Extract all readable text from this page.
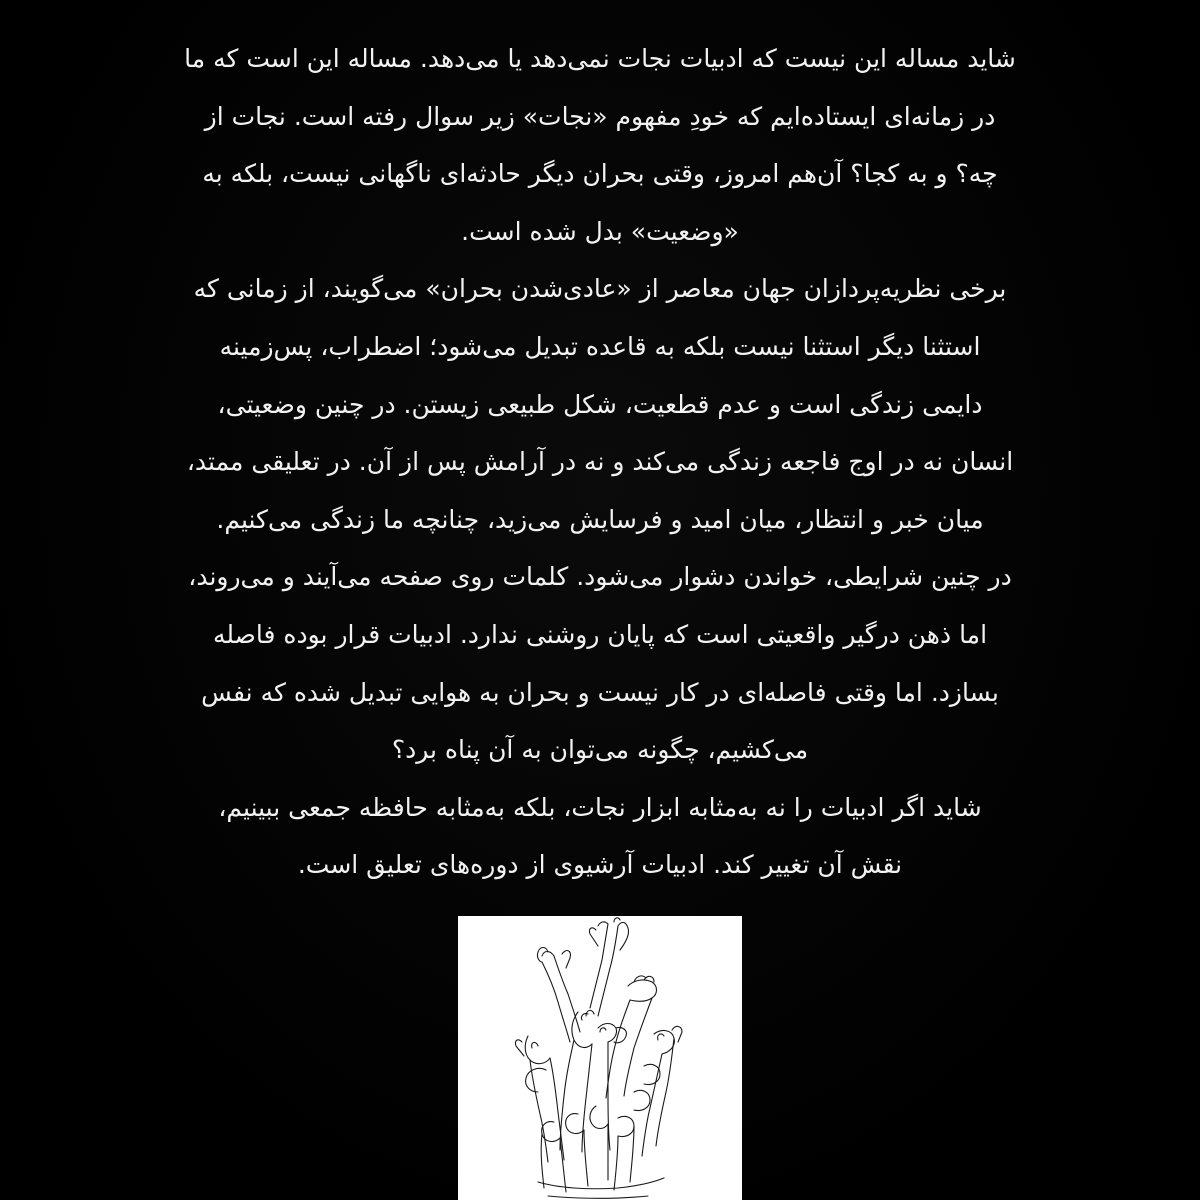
شاید مساله این نیست که ادبیات نجات نمی‌دهد یا می‌دهد. مساله این است که ما
در زمانه‌ای ایستاده‌ایم که خودِ مفهوم «نجات» زیر سوال رفته است. نجات از
چه؟ و به کجا؟ آن‌هم امروز، وقتی بحران دیگر حادثه‌ای ناگهانی نیست، بلکه به
«وضعیت» بدل شده است.
برخی نظریه‌پردازان جهان معاصر از «عادی‌شدن بحران» می‌گویند، از زمانی که
استثنا دیگر استثنا نیست بلکه به قاعده تبدیل می‌شود؛ اضطراب، پس‌زمینه
دایمی زندگی است و عدم قطعیت، شکل طبیعی زیستن. در چنین وضعیتی،
انسان نه در اوج فاجعه زندگی می‌کند و نه در آرامش پس از آن. در تعلیقی ممتد،
میان خبر و انتظار، میان امید و فرسایش می‌زید، چنانچه ما زندگی می‌کنیم.
در چنین شرایطی، خواندن دشوار می‌شود. کلمات روی صفحه می‌آیند و می‌روند،
اما ذهن درگیر واقعیتی است که پایان روشنی ندارد. ادبیات قرار بوده فاصله
بسازد. اما وقتی فاصله‌ای در کار نیست و بحران به هوایی تبدیل شده که نفس
می‌کشیم، چگونه می‌توان به آن پناه برد؟
شاید اگر ادبیات را نه به‌مثابه ابزار نجات، بلکه به‌مثابه حافظه جمعی ببینیم،
نقش آن تغییر کند. ادبیات آرشیوی از دوره‌های تعلیق است.
